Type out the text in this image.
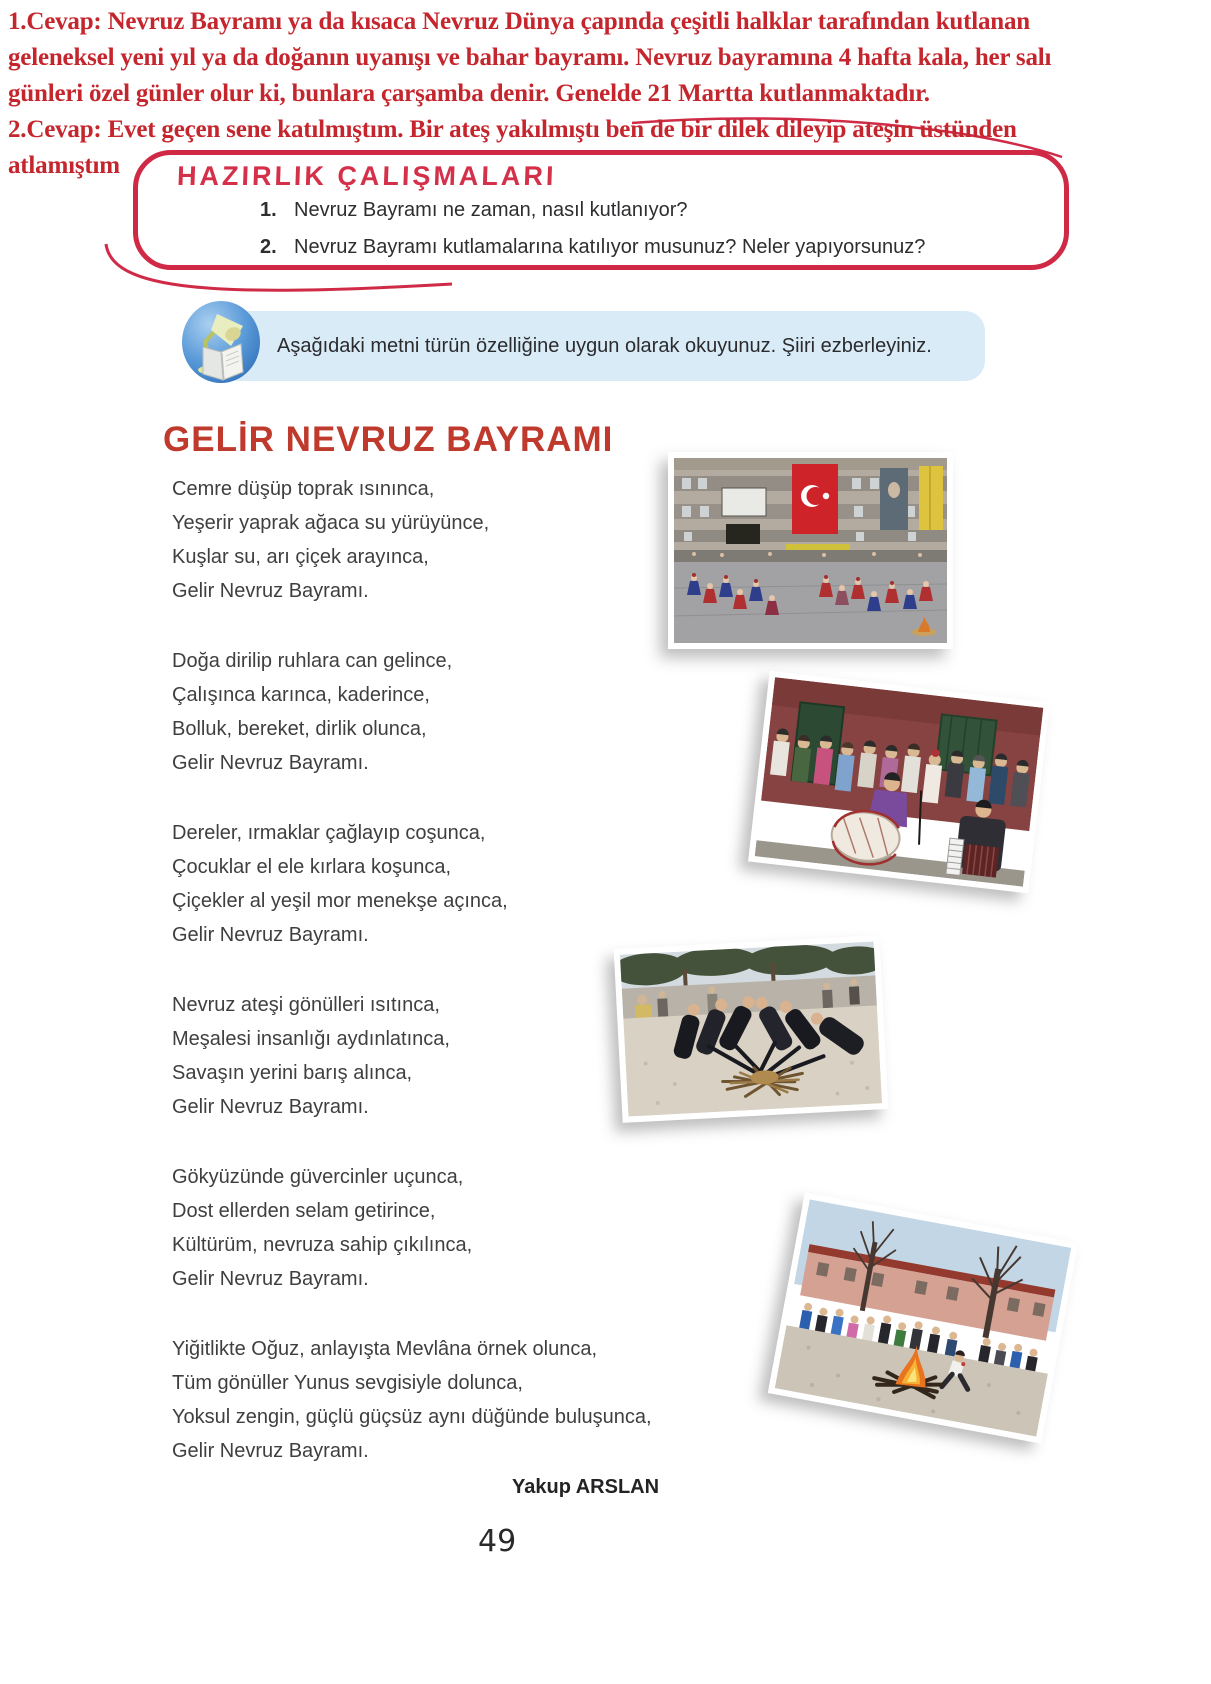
1.Cevap: Nevruz Bayramı ya da kısaca Nevruz Dünya çapında çeşitli halklar tarafından kutlanan
geleneksel yeni yıl ya da doğanın uyanışı ve bahar bayramı. Nevruz bayramına 4 hafta kala, her salı
günleri özel günler olur ki, bunlara çarşamba denir. Genelde 21 Martta kutlanmaktadır.
2.Cevap: Evet geçen sene katılmıştım. Bir ateş yakılmıştı ben de bir dilek dileyip ateşin üstünden
atlamıştım	HAZIRLIK ÇALIŞMALARI
1. Nevruz Bayramı ne zaman, nasıl kutlanıyor?
2. Nevruz Bayramı kutlamalarına katılıyor musunuz? Neler yapıyorsunuz?
Aşağıdaki metni türün özelliğine uygun olarak okuyunuz. Şiiri ezberleyiniz.
GELİR NEVRUZ BAYRAMI
Cemre düşüp toprak ısınınca,
Yeşerir yaprak ağaca su yürüyünce,
Kuşlar su, arı çiçek arayınca,
Gelir Nevruz Bayramı.
Doğa dirilip ruhlara can gelince,
Çalışınca karınca, kaderince,
Bolluk, bereket, dirlik olunca,
Gelir Nevruz Bayramı.
Dereler, ırmaklar çağlayıp coşunca,
Çocuklar el ele kırlara koşunca,
Çiçekler al yeşil mor menekşe açınca,
Gelir Nevruz Bayramı.
Nevruz ateşi gönülleri ısıtınca,
Meşalesi insanlığı aydınlatınca,
Savaşın yerini barış alınca,
Gelir Nevruz Bayramı.
Gökyüzünde güvercinler uçunca,
Dost ellerden selam getirince,
Kültürüm, nevruza sahip çıkılınca,
Gelir Nevruz Bayramı.
Yiğitlikte Oğuz, anlayışta Mevlâna örnek olunca,
Tüm gönüller Yunus sevgisiyle dolunca,
Yoksul zengin, güçlü güçsüz aynı düğünde buluşunca,
Gelir Nevruz Bayramı.
Yakup ARSLAN
49
